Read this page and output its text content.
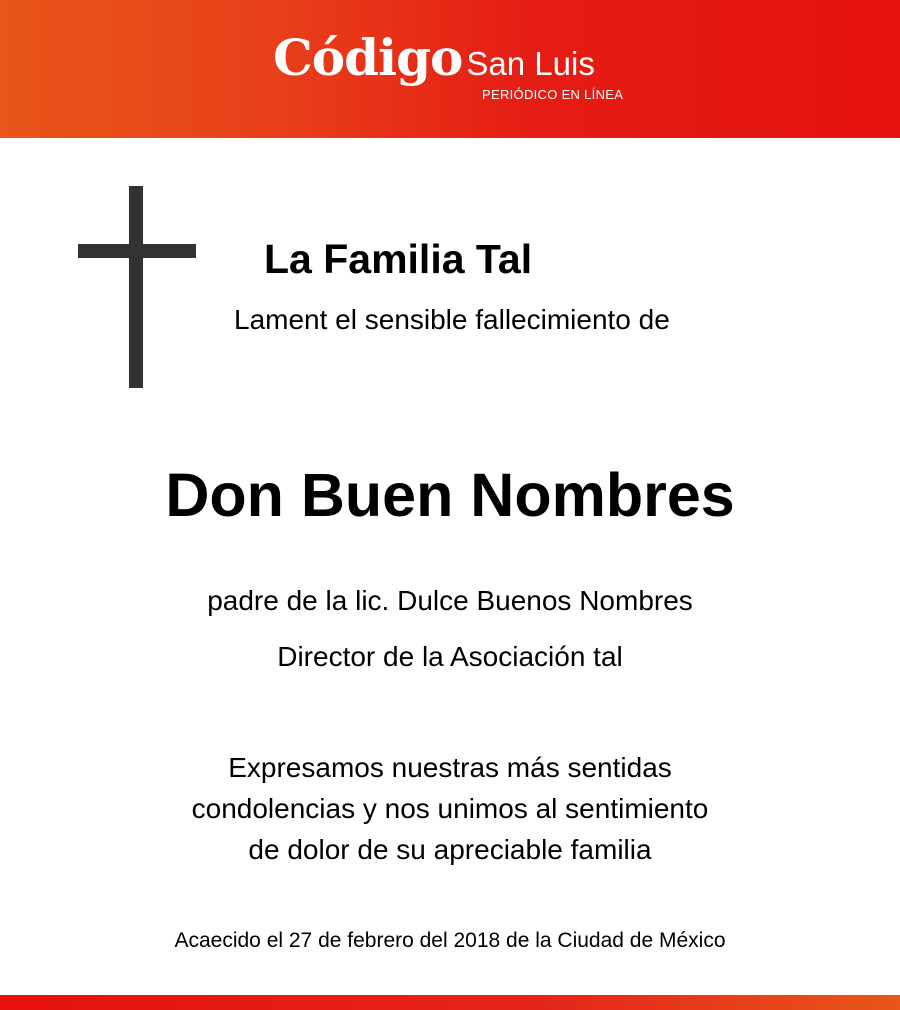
Código San Luis
PERIÓDICO EN LÍNEA
La Familia Tal
Lament el sensible fallecimiento de
Don Buen Nombres
padre de la lic. Dulce Buenos Nombres
Director de la Asociación tal
Expresamos nuestras más sentidas
condolencias y nos unimos al sentimiento
de dolor de su apreciable familia
Acaecido el 27 de febrero del 2018 de la Ciudad de México
